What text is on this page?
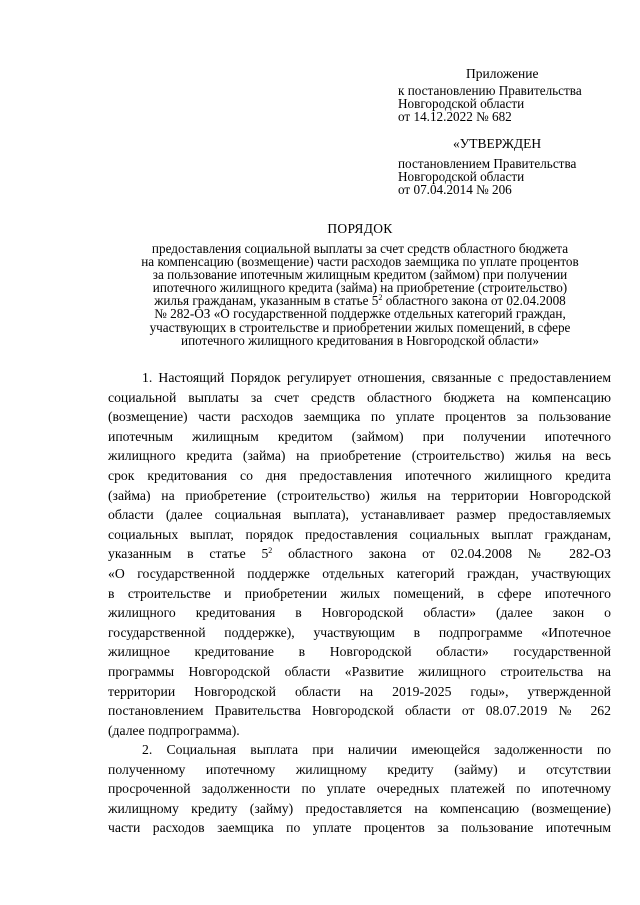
Приложение
к постановлению Правительства
Новгородской области
от 14.12.2022 № 682
«УТВЕРЖДЕН
постановлением Правительства
Новгородской области
от 07.04.2014 № 206
ПОРЯДОК
предоставления социальной выплаты за счет средств областного бюджета
на компенсацию (возмещение) части расходов заемщика по уплате процентов
за пользование ипотечным жилищным кредитом (займом) при получении
ипотечного жилищного кредита (займа) на приобретение (строительство)
жилья гражданам, указанным в статье $5^2$ областного закона от 02.04.2008
№ 282-ОЗ «О государственной поддержке отдельных категорий граждан,
участвующих в строительстве и приобретении жилых помещений, в сфере
ипотечного жилищного кредитования в Новгородской области»
1. Настоящий Порядок регулирует отношения, связанные с предоставлением
социальной выплаты за счет средств областного бюджета на компенсацию
(возмещение) части расходов заемщика по уплате процентов за пользование
ипотечным жилищным кредитом (займом) при получении ипотечного
жилищного кредита (займа) на приобретение (строительство) жилья на весь
срок кредитования со дня предоставления ипотечного жилищного кредита
(займа) на приобретение (строительство) жилья на территории Новгородской
области (далее социальная выплата), устанавливает размер предоставляемых
социальных выплат, порядок предоставления социальных выплат гражданам,
указанным в статье $5^2$ областного закона от 02.04.2008 № 282-ОЗ
«О государственной поддержке отдельных категорий граждан, участвующих
в строительстве и приобретении жилых помещений, в сфере ипотечного
жилищного кредитования в Новгородской области» (далее закон о
государственной поддержке), участвующим в подпрограмме «Ипотечное
жилищное кредитование в Новгородской области» государственной
программы Новгородской области «Развитие жилищного строительства на
территории Новгородской области на 2019-2025 годы», утвержденной
постановлением Правительства Новгородской области от 08.07.2019 № 262
(далее подпрограмма).
2. Социальная выплата при наличии имеющейся задолженности по
полученному ипотечному жилищному кредиту (займу) и отсутствии
просроченной задолженности по уплате очередных платежей по ипотечному
жилищному кредиту (займу) предоставляется на компенсацию (возмещение)
части расходов заемщика по уплате процентов за пользование ипотечным
